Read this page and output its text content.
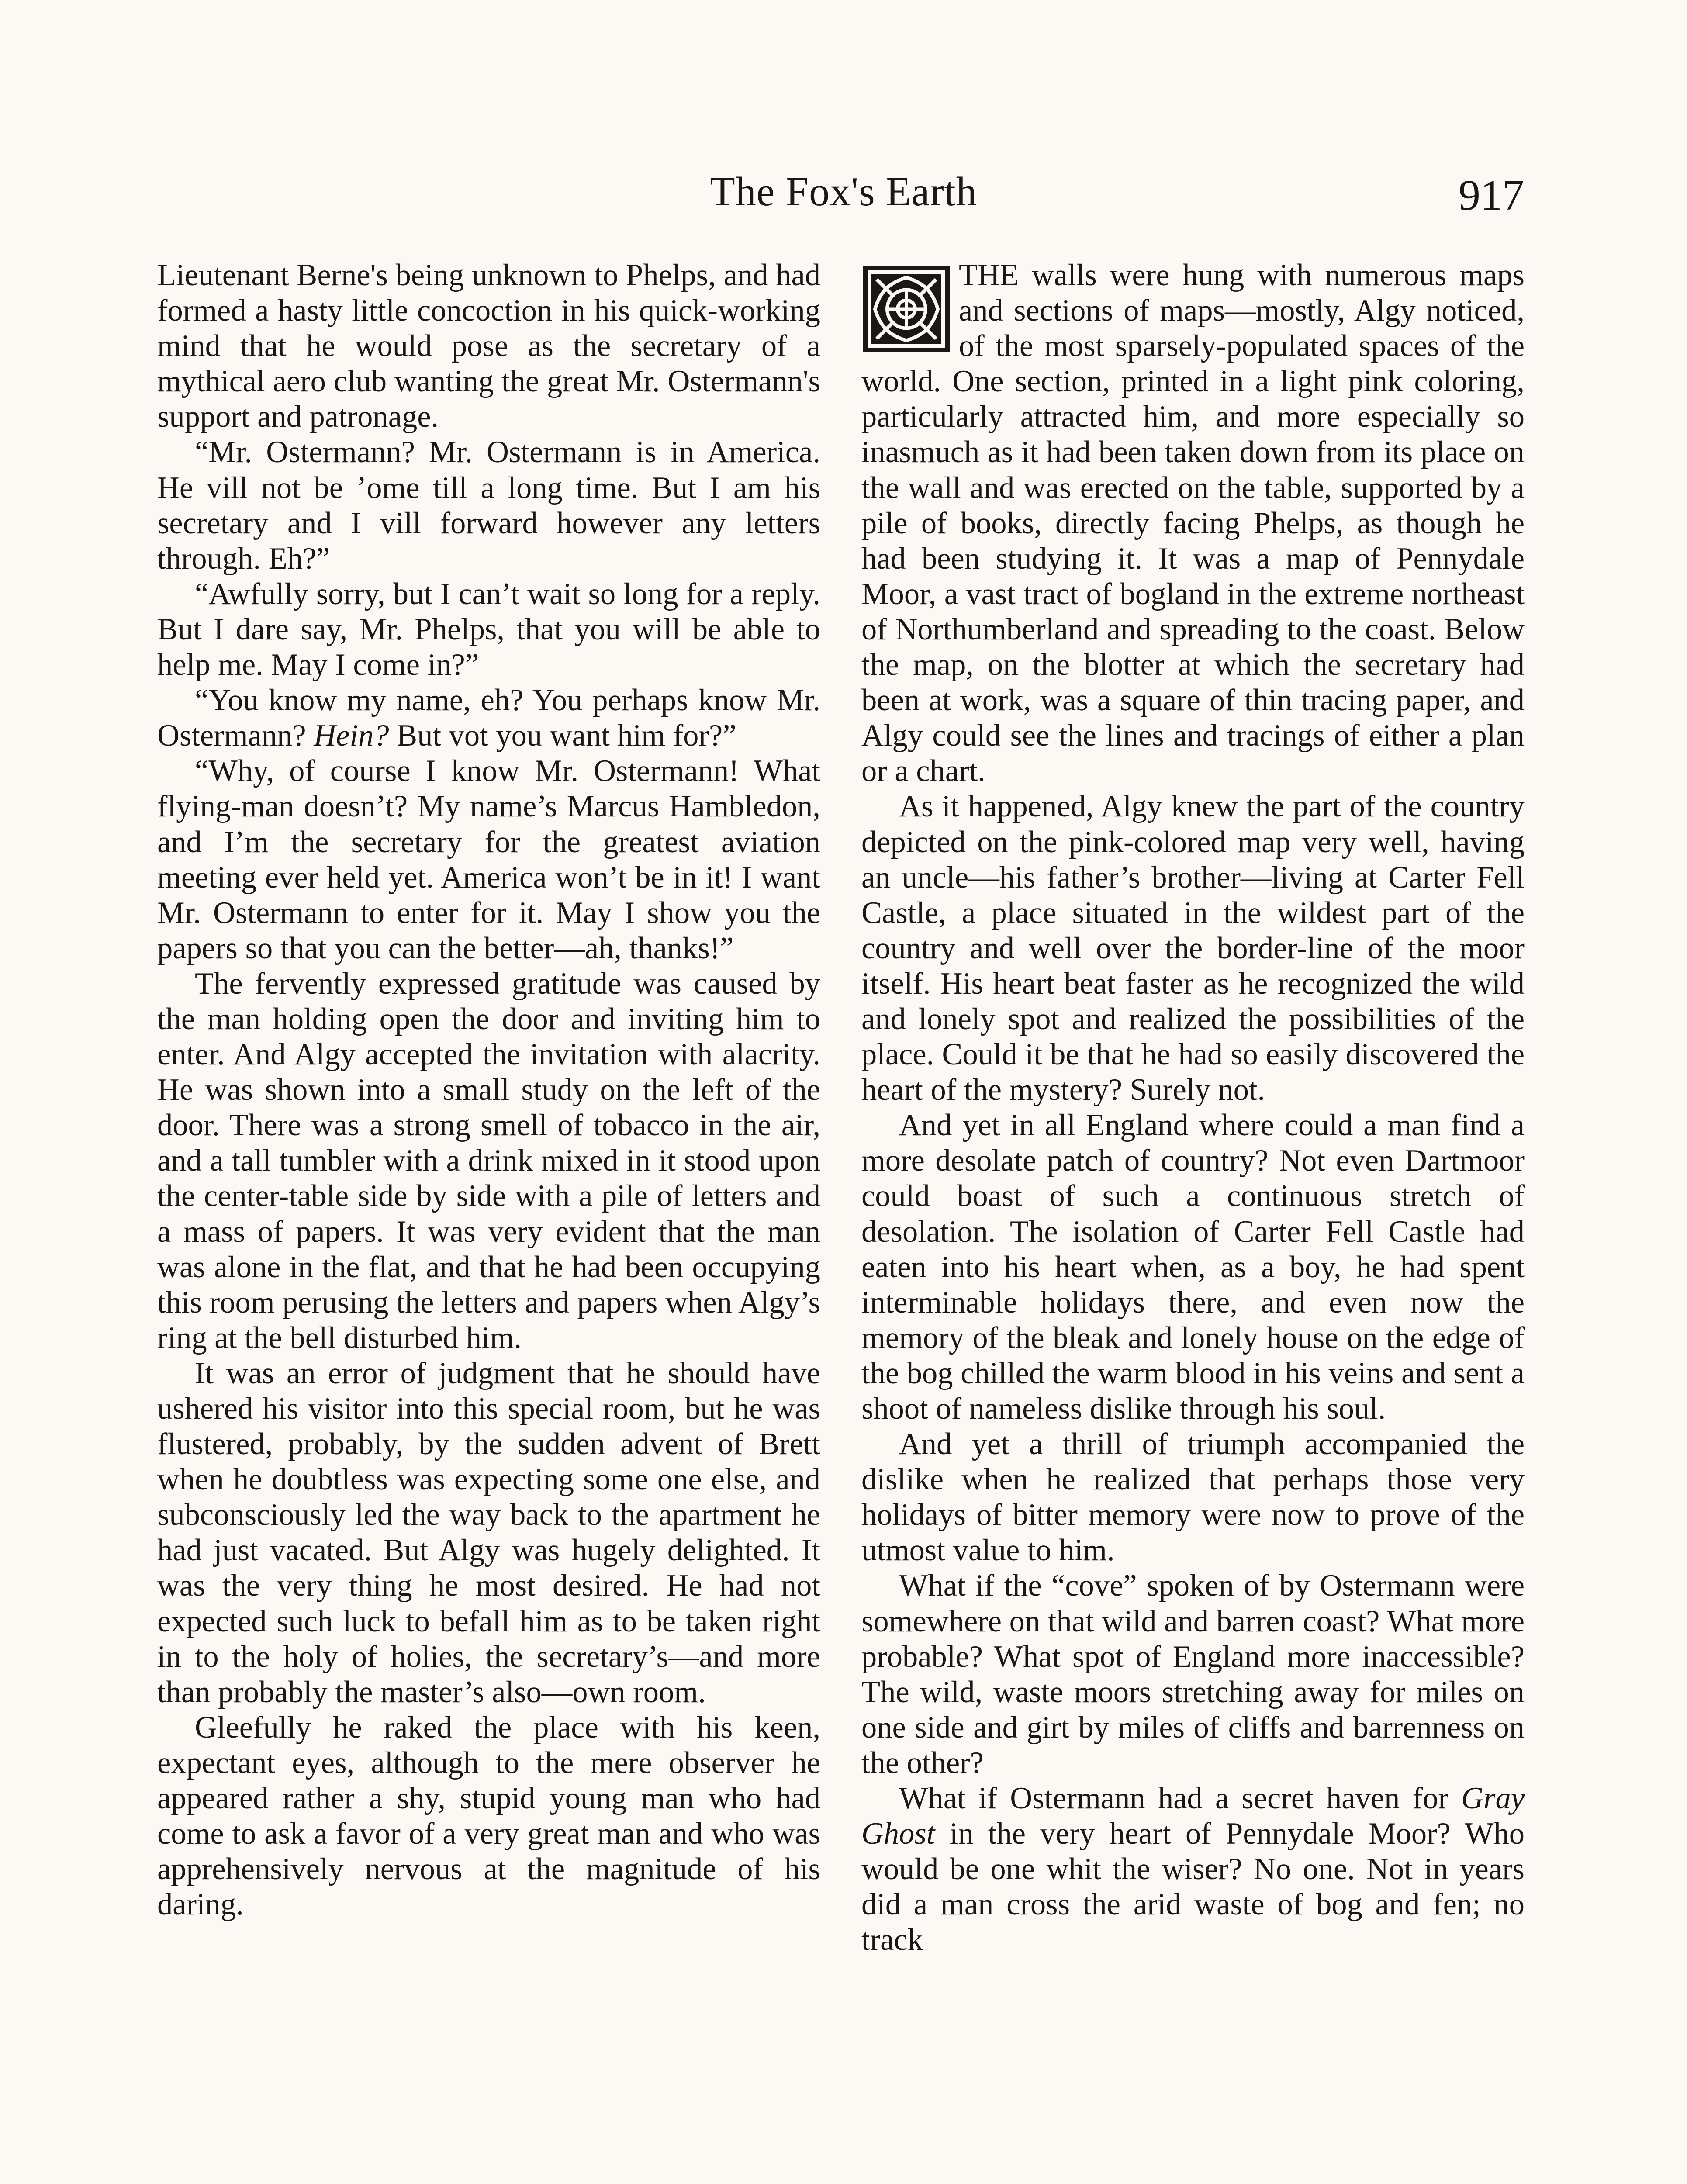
The Fox's Earth	917

Lieutenant Berne's being unknown to Phelps, and had formed a hasty little concoction in his quick-working mind that he would pose as the secretary of a mythical aero club wanting the great Mr. Ostermann's support and patronage.

“Mr. Ostermann? Mr. Ostermann is in America. He vill not be ’ome till a long time. But I am his secretary and I vill forward however any letters through. Eh?”

“Awfully sorry, but I can’t wait so long for a reply. But I dare say, Mr. Phelps, that you will be able to help me. May I come in?”

“You know my name, eh? You perhaps know Mr. Ostermann? Hein? But vot you want him for?”

“Why, of course I know Mr. Ostermann! What flying-man doesn’t? My name’s Marcus Hambledon, and I’m the secretary for the greatest aviation meeting ever held yet. America won’t be in it! I want Mr. Ostermann to enter for it. May I show you the papers so that you can the better—ah, thanks!”

The fervently expressed gratitude was caused by the man holding open the door and inviting him to enter. And Algy accepted the invitation with alacrity. He was shown into a small study on the left of the door. There was a strong smell of tobacco in the air, and a tall tumbler with a drink mixed in it stood upon the center-table side by side with a pile of letters and a mass of papers. It was very evident that the man was alone in the flat, and that he had been occupying this room perusing the letters and papers when Algy’s ring at the bell disturbed him.

It was an error of judgment that he should have ushered his visitor into this special room, but he was flustered, probably, by the sudden advent of Brett when he doubtless was expecting some one else, and subconsciously led the way back to the apartment he had just vacated. But Algy was hugely delighted. It was the very thing he most desired. He had not expected such luck to befall him as to be taken right in to the holy of holies, the secretary’s—and more than probably the master’s also—own room.

Gleefully he raked the place with his keen, expectant eyes, although to the mere observer he appeared rather a shy, stupid young man who had come to ask a favor of a very great man and who was apprehensively nervous at the magnitude of his daring.

THE walls were hung with numerous maps and sections of maps—mostly, Algy noticed, of the most sparsely-populated spaces of the world. One section, printed in a light pink coloring, particularly attracted him, and more especially so inasmuch as it had been taken down from its place on the wall and was erected on the table, supported by a pile of books, directly facing Phelps, as though he had been studying it. It was a map of Pennydale Moor, a vast tract of bogland in the extreme northeast of Northumberland and spreading to the coast. Below the map, on the blotter at which the secretary had been at work, was a square of thin tracing paper, and Algy could see the lines and tracings of either a plan or a chart.

As it happened, Algy knew the part of the country depicted on the pink-colored map very well, having an uncle—his father’s brother—living at Carter Fell Castle, a place situated in the wildest part of the country and well over the border-line of the moor itself. His heart beat faster as he recognized the wild and lonely spot and realized the possibilities of the place. Could it be that he had so easily discovered the heart of the mystery? Surely not.

And yet in all England where could a man find a more desolate patch of country? Not even Dartmoor could boast of such a continuous stretch of desolation. The isolation of Carter Fell Castle had eaten into his heart when, as a boy, he had spent interminable holidays there, and even now the memory of the bleak and lonely house on the edge of the bog chilled the warm blood in his veins and sent a shoot of nameless dislike through his soul.

And yet a thrill of triumph accompanied the dislike when he realized that perhaps those very holidays of bitter memory were now to prove of the utmost value to him.

What if the “cove” spoken of by Ostermann were somewhere on that wild and barren coast? What more probable? What spot of England more inaccessible? The wild, waste moors stretching away for miles on one side and girt by miles of cliffs and barrenness on the other?

What if Ostermann had a secret haven for Gray Ghost in the very heart of Pennydale Moor? Who would be one whit the wiser? No one. Not in years did a man cross the arid waste of bog and fen; no track
